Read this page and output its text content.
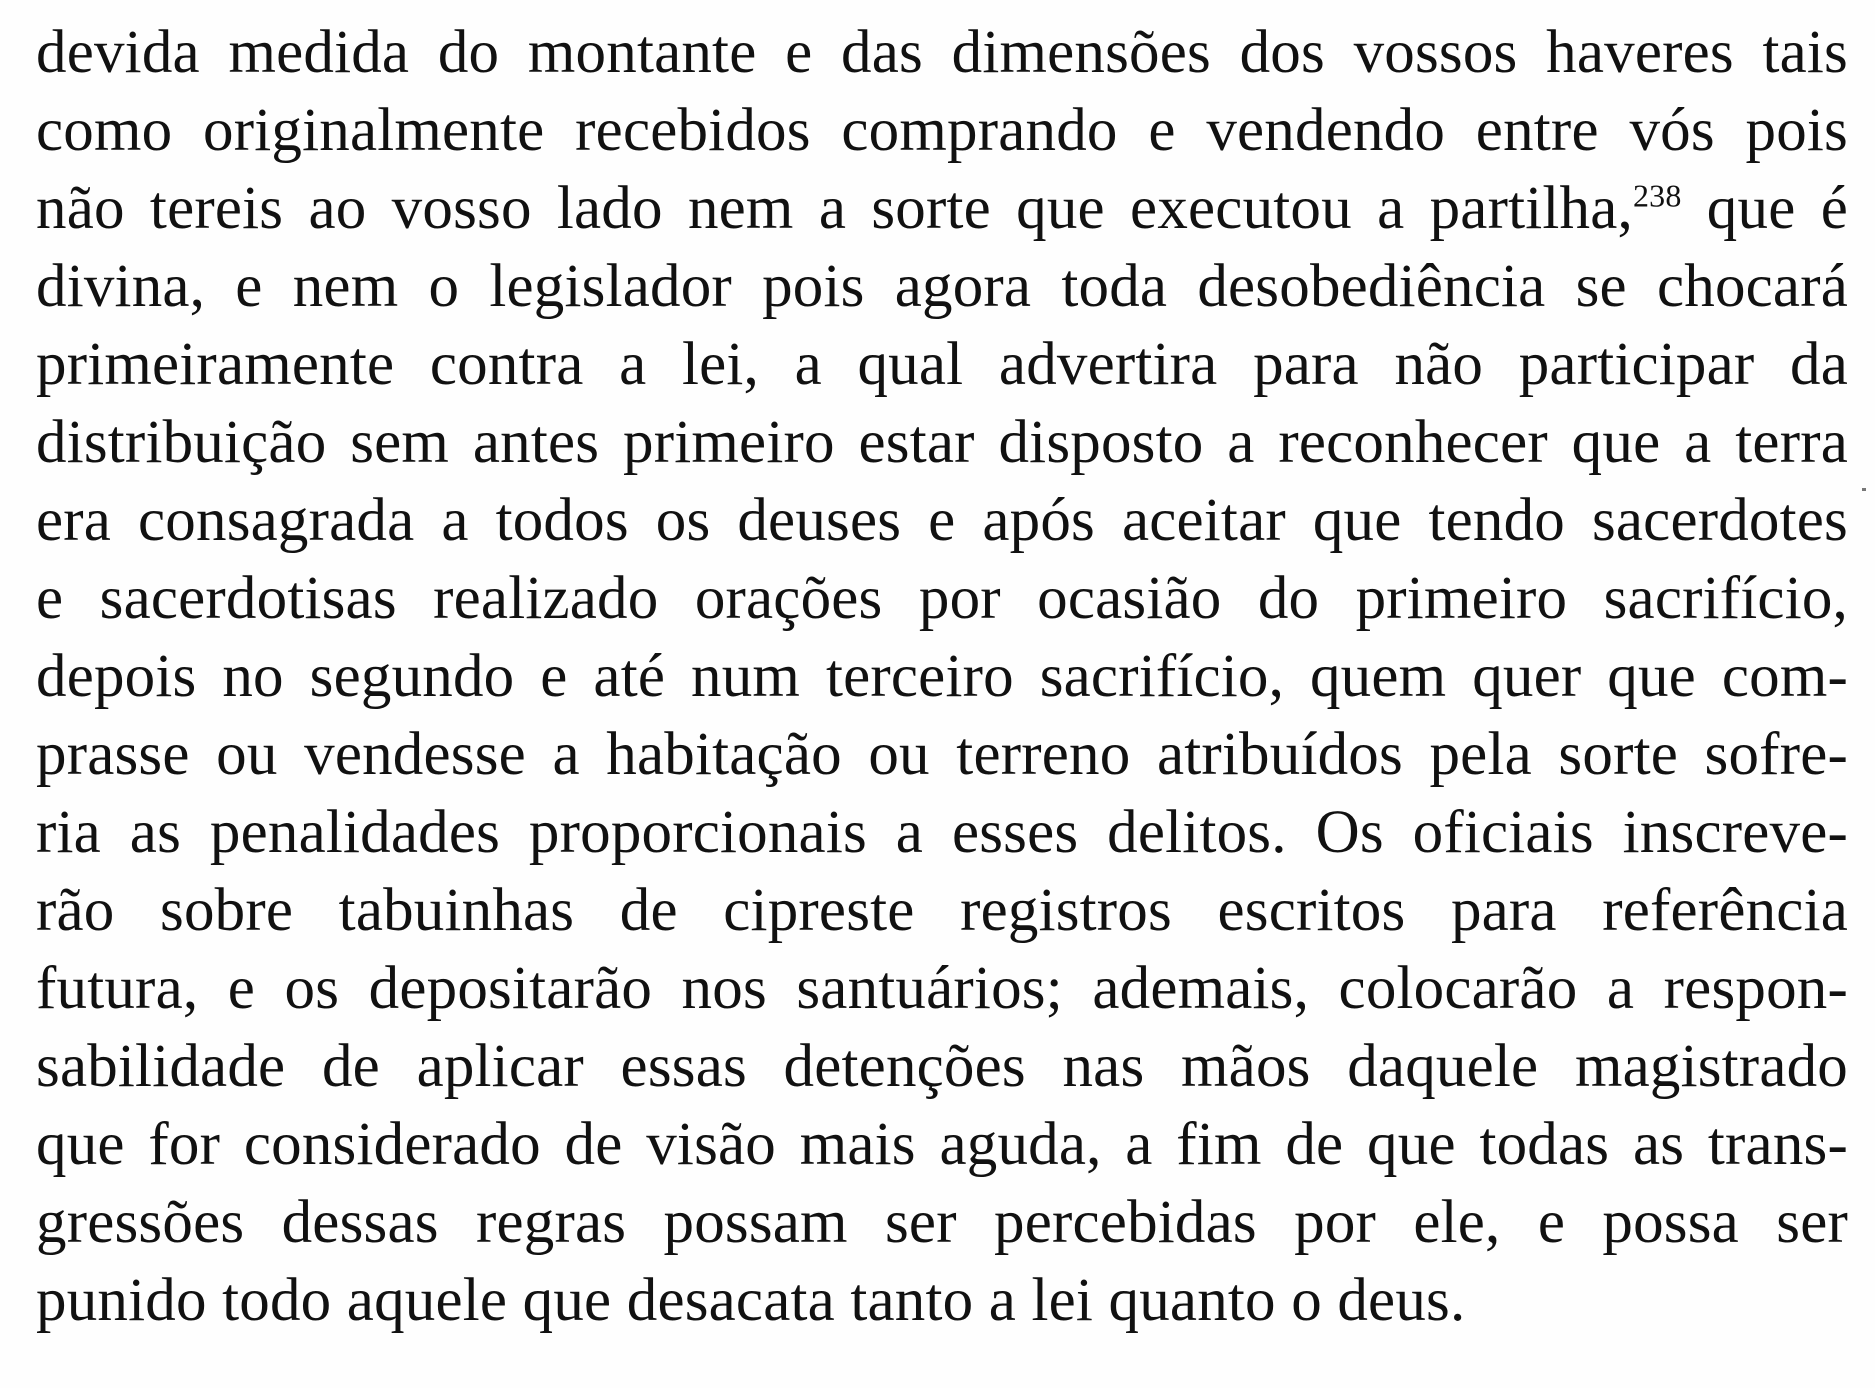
devida medida do montante e das dimensões dos vossos haveres tais
como originalmente recebidos comprando e vendendo entre vós pois
não tereis ao vosso lado nem a sorte que executou a partilha,$^{238}$ que é
divina, e nem o legislador pois agora toda desobediência se chocará
primeiramente contra a lei, a qual advertira para não participar da
distribuição sem antes primeiro estar disposto a reconhecer que a terra
era consagrada a todos os deuses e após aceitar que tendo sacerdotes
e sacerdotisas realizado orações por ocasião do primeiro sacrifício,
depois no segundo e até num terceiro sacrifício, quem quer que com-
prasse ou vendesse a habitação ou terreno atribuídos pela sorte sofre-
ria as penalidades proporcionais a esses delitos. Os oficiais inscreve-
rão sobre tabuinhas de cipreste registros escritos para referência
futura, e os depositarão nos santuários; ademais, colocarão a respon-
sabilidade de aplicar essas detenções nas mãos daquele magistrado
que for considerado de visão mais aguda, a fim de que todas as trans-
gressões dessas regras possam ser percebidas por ele, e possa ser
punido todo aquele que desacata tanto a lei quanto o deus.
